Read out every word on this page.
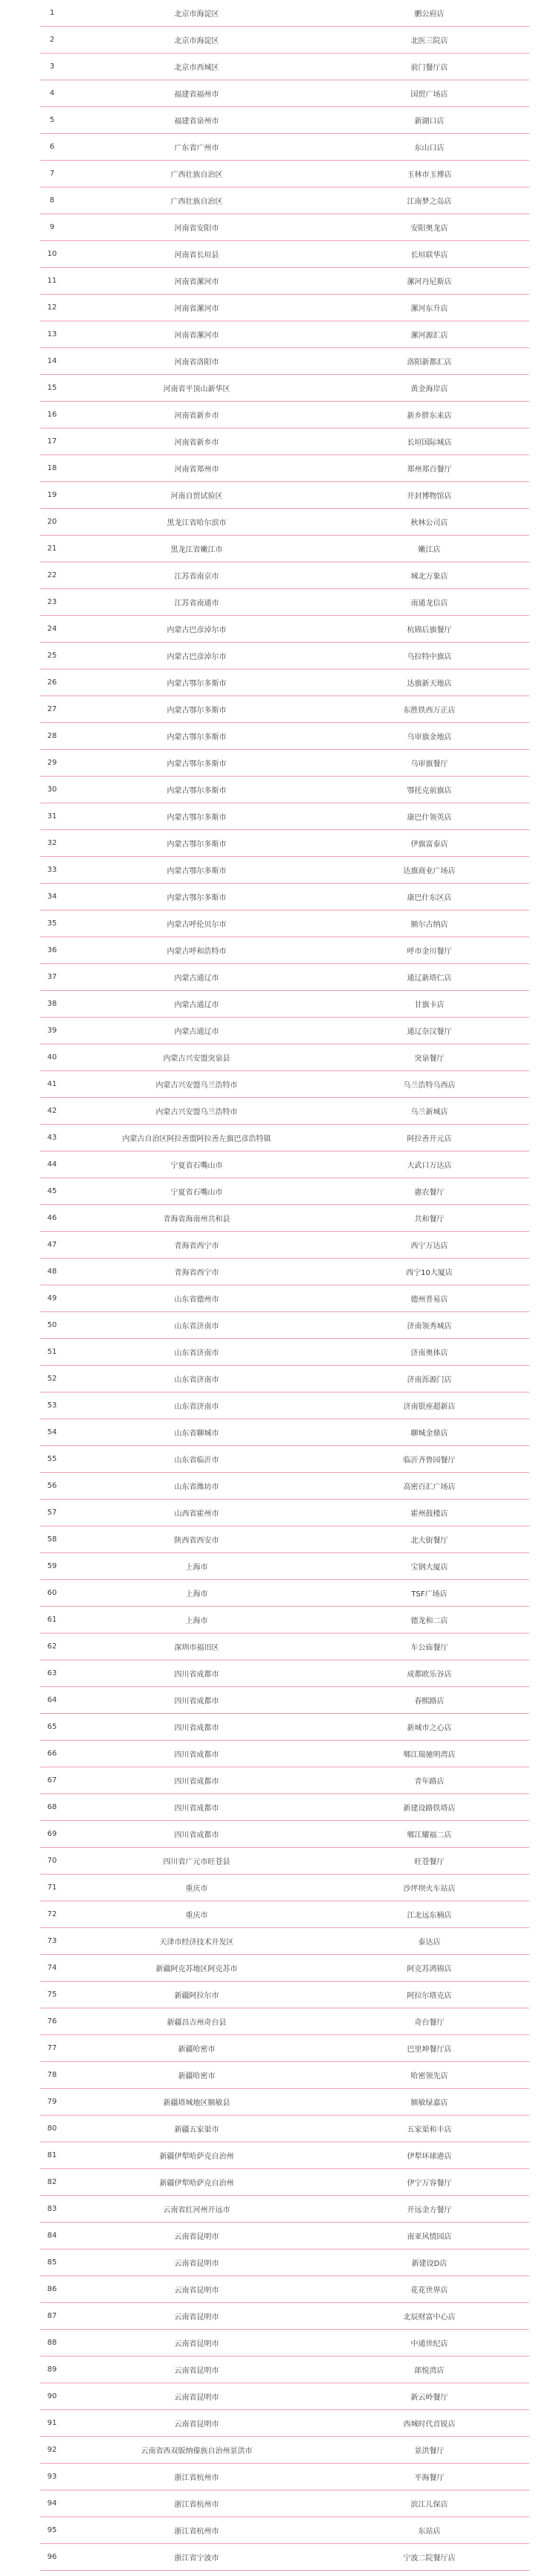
1	北京市海淀区	鹏公府店
2	北京市海淀区	北医三院店
3	北京市西城区	前门餐厅店
4	福建省福州市	国贸广场店
5	福建省泉州市	新湖口店
6	广东省广州市	东山口店
7	广西壮族自治区	玉林市玉博店
8	广西壮族自治区	江南梦之岛店
9	河南省安阳市	安阳奥龙店
10	河南省长垣县	长垣联华店
11	河南省漯河市	漯河丹尼斯店
12	河南省漯河市	漯河东升店
13	河南省漯河市	漯河源汇店
14	河南省洛阳市	洛阳新都汇店
15	河南省平顶山新华区	黄金海岸店
16	河南省新乡市	新乡胖东来店
17	河南省新乡市	长垣国际城店
18	河南省郑州市	郑州郑百餐厅
19	河南自贸试验区	开封博物馆店
20	黑龙江省哈尔滨市	秋林公司店
21	黑龙江省嫩江市	嫩江店
22	江苏省南京市	城北万象店
23	江苏省南通市	南通龙信店
24	内蒙古巴彦淖尔市	杭锦后旗餐厅
25	内蒙古巴彦淖尔市	乌拉特中旗店
26	内蒙古鄂尔多斯市	达旗新天地店
27	内蒙古鄂尔多斯市	东胜铁西万正店
28	内蒙古鄂尔多斯市	乌审旗金地店
29	内蒙古鄂尔多斯市	乌审旗餐厅
30	内蒙古鄂尔多斯市	鄂托克前旗店
31	内蒙古鄂尔多斯市	康巴什领英店
32	内蒙古鄂尔多斯市	伊旗富泰店
33	内蒙古鄂尔多斯市	达旗商业广场店
34	内蒙古鄂尔多斯市	康巴什东区店
35	内蒙古呼伦贝尔市	额尔古纳店
36	内蒙古呼和浩特市	呼市金川餐厅
37	内蒙古通辽市	通辽新塔仁店
38	内蒙古通辽市	甘旗卡店
39	内蒙古通辽市	通辽奈汉餐厅
40	内蒙古兴安盟突泉县	突泉餐厅
41	内蒙古兴安盟乌兰浩特市	乌兰浩特乌西店
42	内蒙古兴安盟乌兰浩特市	乌兰新城店
43	内蒙古自治区阿拉善盟阿拉善左旗巴彦浩特镇	阿拉善开元店
44	宁夏省石嘴山市	大武口万达店
45	宁夏省石嘴山市	惠农餐厅
46	青海省海南州共和县	共和餐厅
47	青海省西宁市	西宁万达店
48	青海省西宁市	西宁10大厦店
49	山东省德州市	德州普易店
50	山东省济南市	济南领秀城店
51	山东省济南市	济南奥体店
52	山东省济南市	济南泺源门店
53	山东省济南市	济南银座超新店
54	山东省聊城市	聊城金鼎店
55	山东省临沂市	临沂齐鲁园餐厅
56	山东省潍坊市	高密百汇广场店
57	山西省霍州市	霍州鼓楼店
58	陕西省西安市	北大街餐厅
59	上海市	宝钢大厦店
60	上海市	TSF广场店
61	上海市	德龙和二店
62	深圳市福田区	车公庙餐厅
63	四川省成都市	成都欧乐谷店
64	四川省成都市	春熙路店
65	四川省成都市	新城市之心店
66	四川省成都市	郫江瑞驰明湾店
67	四川省成都市	青年路店
68	四川省成都市	新建设路铁塔店
69	四川省成都市	郫江耀福二店
70	四川省广元市旺苍县	旺苍餐厅
71	重庆市	沙坪坝火车站店
72	重庆市	江北远东楠店
73	天津市经济技术开发区	泰达店
74	新疆阿克苏地区阿克苏市	阿克苏鸿锦店
75	新疆阿拉尔市	阿拉尔塔克店
76	新疆昌吉州奇台县	奇台餐厅
77	新疆哈密市	巴里坤餐厅店
78	新疆哈密市	哈密领先店
79	新疆塔城地区额敏县	额敏绿嘉店
80	新疆五家渠市	五家渠和丰店
81	新疆伊犁哈萨克自治州	伊犁环球港店
82	新疆伊犁哈萨克自治州	伊宁万容餐厅
83	云南省红河州开远市	开远金方餐厅
84	云南省昆明市	南亚风情园店
85	云南省昆明市	新建设D店
86	云南省昆明市	花花世界店
87	云南省昆明市	北辰财富中心店
88	云南省昆明市	中通世纪店
89	云南省昆明市	郎悦湾店
90	云南省昆明市	新云岭餐厅
91	云南省昆明市	西城时代首锐店
92	云南省西双版纳傣族自治州景洪市	景洪餐厅
93	浙江省杭州市	平海餐厅
94	浙江省杭州市	滨江儿保店
95	浙江省杭州市	东站店
96	浙江省宁波市	宁波二院餐厅店
